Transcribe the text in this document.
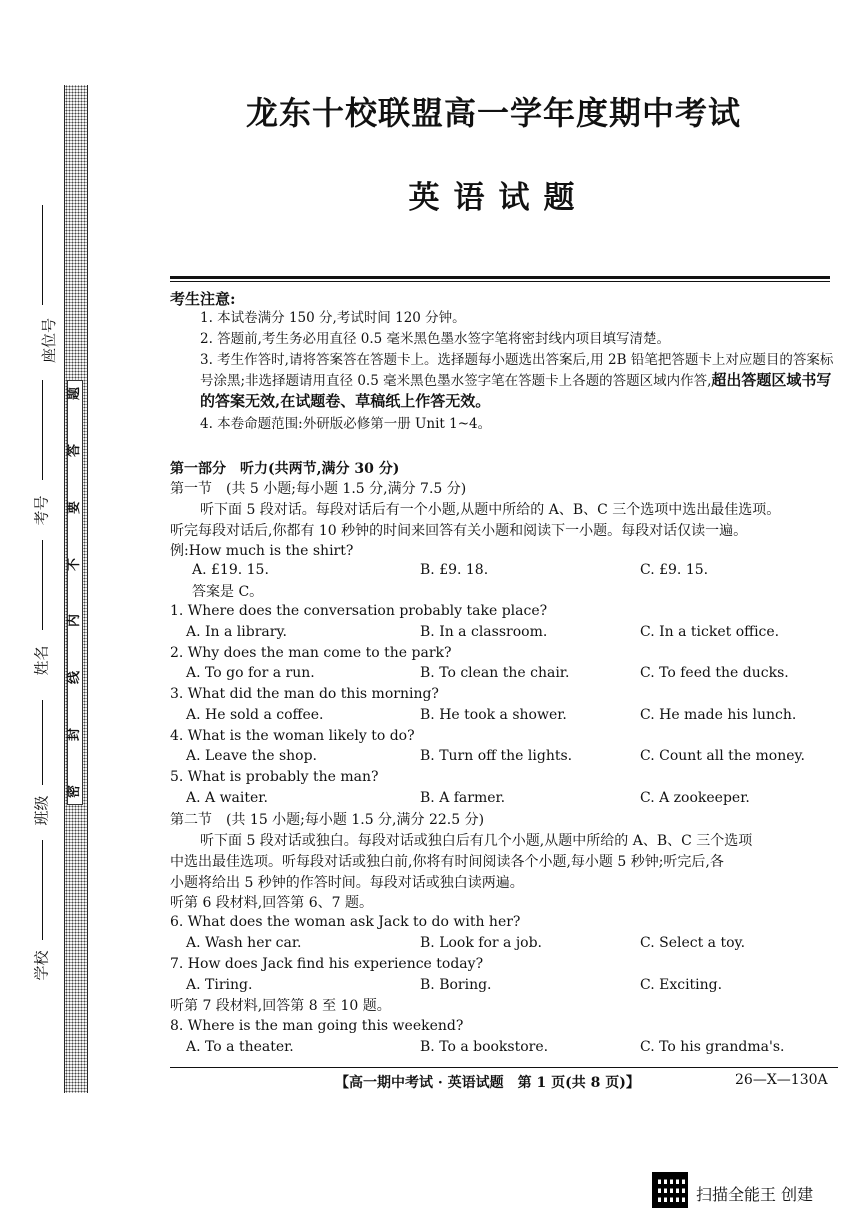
题
答
要
不
内
线
封
密
座位号
考号
姓名
班级
学校
龙东十校联盟高一学年度期中考试
英语试题
考生注意:
1. 本试卷满分 150 分,考试时间 120 分钟。
2. 答题前,考生务必用直径 0.5 毫米黑色墨水签字笔将密封线内项目填写清楚。
3. 考生作答时,请将答案答在答题卡上。选择题每小题选出答案后,用 2B 铅笔把答题卡上对应题目的答案标号涂黑;非选择题请用直径 0.5 毫米黑色墨水签字笔在答题卡上各题的答题区域内作答,超出答题区域书写的答案无效,在试题卷、草稿纸上作答无效。
4. 本卷命题范围:外研版必修第一册 Unit 1~4。
第一部分　听力(共两节,满分 30 分)
第一节　(共 5 小题;每小题 1.5 分,满分 7.5 分)
听下面 5 段对话。每段对话后有一个小题,从题中所给的 A、B、C 三个选项中选出最佳选项。
听完每段对话后,你都有 10 秒钟的时间来回答有关小题和阅读下一小题。每段对话仅读一遍。
例:How much is the shirt?
A. £19. 15.	B. £9. 18.	C. £9. 15.
答案是 C。
1. Where does the conversation probably take place?
A. In a library.	B. In a classroom.	C. In a ticket office.
2. Why does the man come to the park?
A. To go for a run.	B. To clean the chair.	C. To feed the ducks.
3. What did the man do this morning?
A. He sold a coffee.	B. He took a shower.	C. He made his lunch.
4. What is the woman likely to do?
A. Leave the shop.	B. Turn off the lights.	C. Count all the money.
5. What is probably the man?
A. A waiter.	B. A farmer.	C. A zookeeper.
第二节　(共 15 小题;每小题 1.5 分,满分 22.5 分)
听下面 5 段对话或独白。每段对话或独白后有几个小题,从题中所给的 A、B、C 三个选项
中选出最佳选项。听每段对话或独白前,你将有时间阅读各个小题,每小题 5 秒钟;听完后,各
小题将给出 5 秒钟的作答时间。每段对话或独白读两遍。
听第 6 段材料,回答第 6、7 题。
6. What does the woman ask Jack to do with her?
A. Wash her car.	B. Look for a job.	C. Select a toy.
7. How does Jack find his experience today?
A. Tiring.	B. Boring.	C. Exciting.
听第 7 段材料,回答第 8 至 10 题。
8. Where is the man going this weekend?
A. To a theater.	B. To a bookstore.	C. To his grandma's.
【高一期中考试 · 英语试题　第 1 页(共 8 页)】	26—X—130A
扫描全能王 创建
